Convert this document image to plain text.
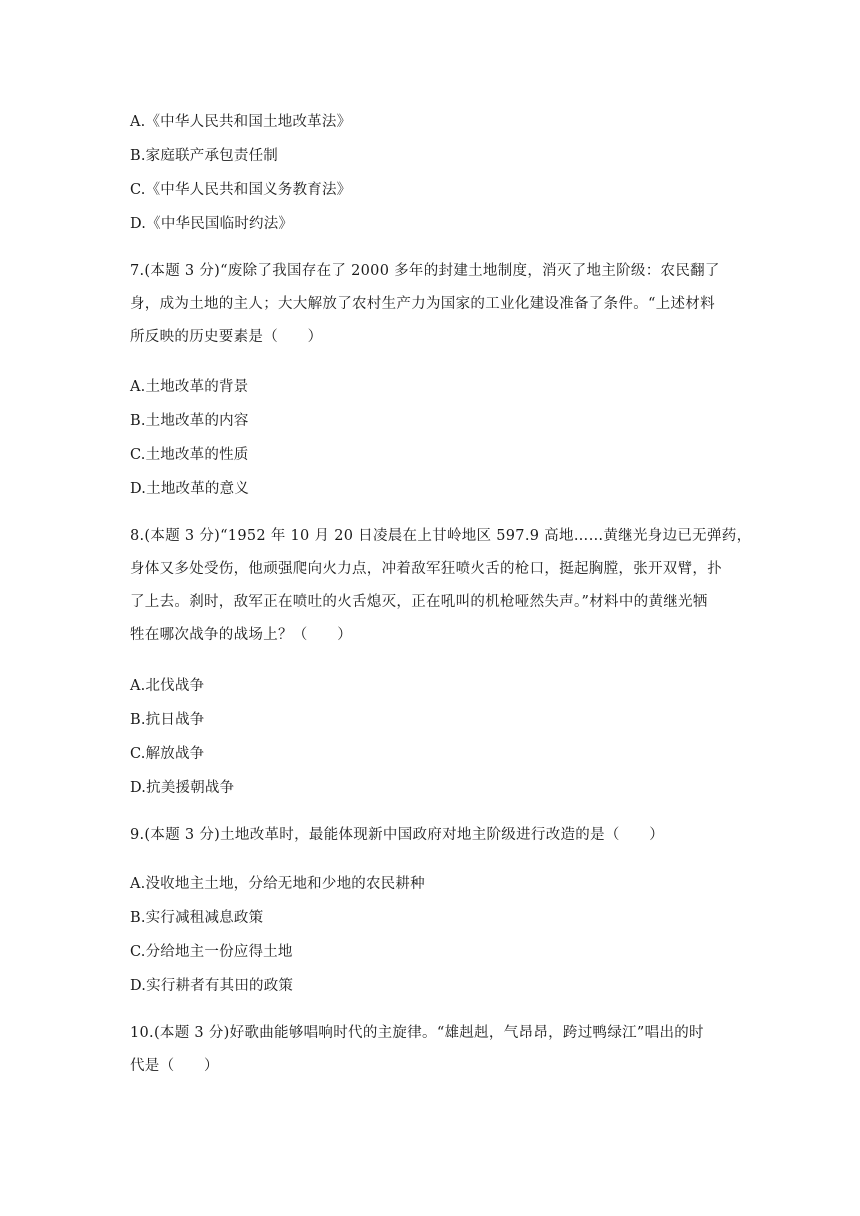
A.《中华人民共和国土地改革法》
B.家庭联产承包责任制
C.《中华人民共和国义务教育法》
D.《中华民国临时约法》
7.(本题 3 分)“废除了我国存在了 2000 多年的封建土地制度，消灭了地主阶级：农民翻了
身，成为土地的主人；大大解放了农村生产力为国家的工业化建设准备了条件。“上述材料
所反映的历史要素是（　　）
A.土地改革的背景
B.土地改革的内容
C.土地改革的性质
D.土地改革的意义
8.(本题 3 分)“1952 年 10 月 20 日凌晨在上甘岭地区 597.9 高地……黄继光身边已无弹药，
身体又多处受伤，他顽强爬向火力点，冲着敌军狂喷火舌的枪口，挺起胸膛，张开双臂，扑
了上去。刹时，敌军正在喷吐的火舌熄灭，正在吼叫的机枪哑然失声。”材料中的黄继光牺
牲在哪次战争的战场上？（　　）
A.北伐战争
B.抗日战争
C.解放战争
D.抗美援朝战争
9.(本题 3 分)土地改革时，最能体现新中国政府对地主阶级进行改造的是（　　）
A.没收地主土地，分给无地和少地的农民耕种
B.实行减租减息政策
C.分给地主一份应得土地
D.实行耕者有其田的政策
10.(本题 3 分)好歌曲能够唱响时代的主旋律。“雄赳赳，气昂昂，跨过鸭绿江”唱出的时
代是（　　）
